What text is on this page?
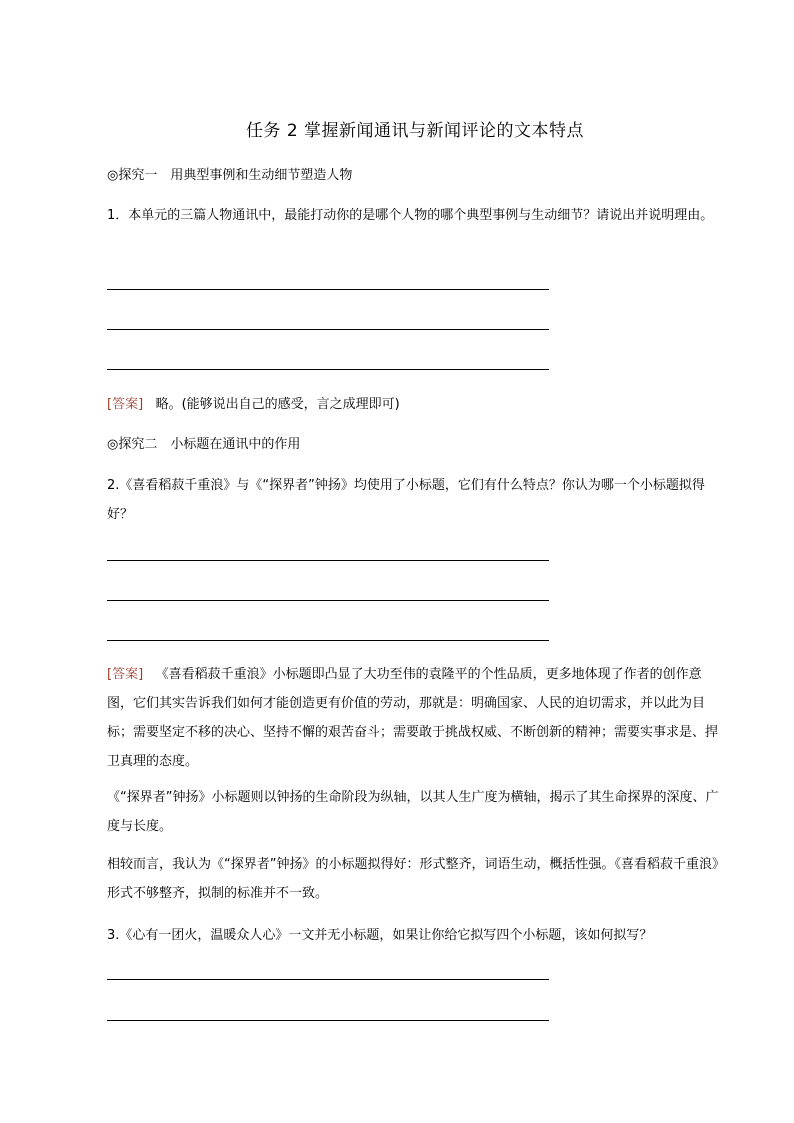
任务 2 掌握新闻通讯与新闻评论的文本特点
◎探究一　用典型事例和生动细节塑造人物
1．本单元的三篇人物通讯中，最能打动你的是哪个人物的哪个典型事例与生动细节？请说出并说明理由。
[答案] 略。(能够说出自己的感受，言之成理即可)
◎探究二　小标题在通讯中的作用
2.《喜看稻菽千重浪》与《“探界者”钟扬》均使用了小标题，它们有什么特点？你认为哪一个小标题拟得好？
[答案] 《喜看稻菽千重浪》小标题即凸显了大功至伟的袁隆平的个性品质，更多地体现了作者的创作意图，它们其实告诉我们如何才能创造更有价值的劳动，那就是：明确国家、人民的迫切需求，并以此为目标；需要坚定不移的决心、坚持不懈的艰苦奋斗；需要敢于挑战权威、不断创新的精神；需要实事求是、捍卫真理的态度。
《“探界者”钟扬》小标题则以钟扬的生命阶段为纵轴，以其人生广度为横轴，揭示了其生命探界的深度、广度与长度。
相较而言，我认为《“探界者”钟扬》的小标题拟得好：形式整齐，词语生动，概括性强。《喜看稻菽千重浪》形式不够整齐，拟制的标准并不一致。
3.《心有一团火，温暖众人心》一文并无小标题，如果让你给它拟写四个小标题，该如何拟写？
